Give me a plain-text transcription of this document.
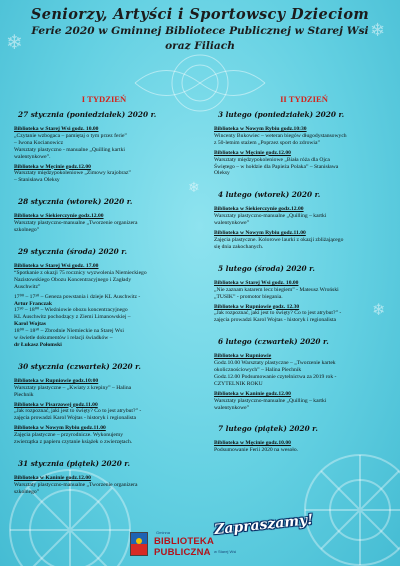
❄	❄
❄
❄
Seniorzy, Artyści i Sportowscy Dzieciom
Ferie 2020 w Gminnej Bibliotece Publicznej w Starej Wsi
oraz Filiach
I TYDZIEŃ
27 stycznia (poniedziałek) 2020 r.
Biblioteka w Starej Wsi godz. 10.00
„Czytanie wzbogaca – pamiętaj o tym przez ferie”
– Iwona Kocianowicz
Warsztaty plastyczno - manualne „Quilling kartki
walentynkowe”.
Biblioteka w Męcinie godz.12.00
Warsztaty międzypokoleniowe „Zimowy krajobraz”
– Stanisława Oleksy
28 stycznia (wtorek) 2020 r.
Biblioteka w Siekierczynie godz.12.00
Warsztaty plastyczno-manualne „Tworzenie organizera
szkolnego”
29 stycznia (środa) 2020 r.
Biblioteka w Starej Wsi godz. 17.00
“Spotkanie z okazji 75 rocznicy wyzwolenia Niemieckiego
Nazistowskiego Obozu Koncentracyjnego i Zagłady
Auschwitz”
17⁰⁰ – 17³⁰ – Geneza powstania i dzieje KL Auschwitz -
Artur Franczak
17³⁰ – 18⁰⁰ – Wieźniowie obozu koncentracyjnego
KL Auschwitz pochodzący z Ziemi Limanowskiej –
Karol Wojtas
18⁰⁰ – 18³⁰ – Zbrodnie Niemieckie na Starej Wsi
w świetle dokumentów i relacji świadków –
dr Łukasz Połomski
30 stycznia (czwartek) 2020 r.
Biblioteka w Rupniowie godz.10:00
Warsztaty plastyczne – „Kwiaty z krepiny” – Halina
Piechnik
Biblioteka w Pisarzowej godz.11.00
„Jak rozpoznać, jaki jest to święty? Co to jest atrybut?” -
zajęcia prowadzi Karol Wojtas - historyk i regionalista
Biblioteka w Nowym Rybiu godz.11.00
Zajęcia plastyczne – przyrodnicze. Wykonujemy
zwierzątka z papieru czytanie książek o zwierzętach.
31 stycznia (piątek) 2020 r.
Biblioteka w Kaninie godz.12.00
Warsztaty plastyczno-manualne „Tworzenie organizera
szkolnego”
II TYDZIEŃ
3 lutego (poniedziałek) 2020 r.
Biblioteka w Nowym Rybiu godz.10:30
Wincenty Bukowiec – weteran biegów długodystansowych
z 50-letnim stażem „Poprzez sport do zdrowia”
Biblioteka w Męcinie godz.12.00
Warsztaty międzypokoleniowe „Biała róża dla Ojca
Świętego – w hołdzie dla Papieża Polaka” – Stanisława
Oleksy
4 lutego (wtorek) 2020 r.
Biblioteka w Siekierczynie godz.12.00
Warsztaty plastyczno-manualne „Quilling – kartki
walentynkowe”
Biblioteka w Nowym Rybiu godz.11.00
Zajęcia plastyczne. Kolorowe laurki z okazji zbliżającego
się dnia zakochanych.
5 lutego (środa) 2020 r.
Biblioteka w Starej Wsi godz. 10.00
„Nie zaznam katarem lecz biegiem” - Mateusz Wroński
„TUSIK” - promotor biegania.
Biblioteka w Rupniowie godz. 12.30
„Jak rozpoznać, jaki jest to święty? Co to jest atrybut?” -
zajęcia prowadzi Karol Wojtas - historyk i regionalista
6 lutego (czwartek) 2020 r.
Biblioteka w Rupniowie
Godz.10.00 Warsztaty plastyczne – „Tworzenie kartek
okolicznościowych” – Halina Piechnik
Godz.12.00 Podsumowanie czytelnictwa za 2019 rok -
CZYTELNIK ROKU
Biblioteka w Kaninie godz.12.00
Warsztaty plastyczno-manualne „Quilling – kartki
walentynkowe”
7 lutego (piątek) 2020 r.
Biblioteka w Męcinie godz.10.00
Podsumowanie Ferii 2020 na wesoło.
Zapraszamy!
Gminna
BIBLIOTEKA PUBLICZNA w Starej Wsi
